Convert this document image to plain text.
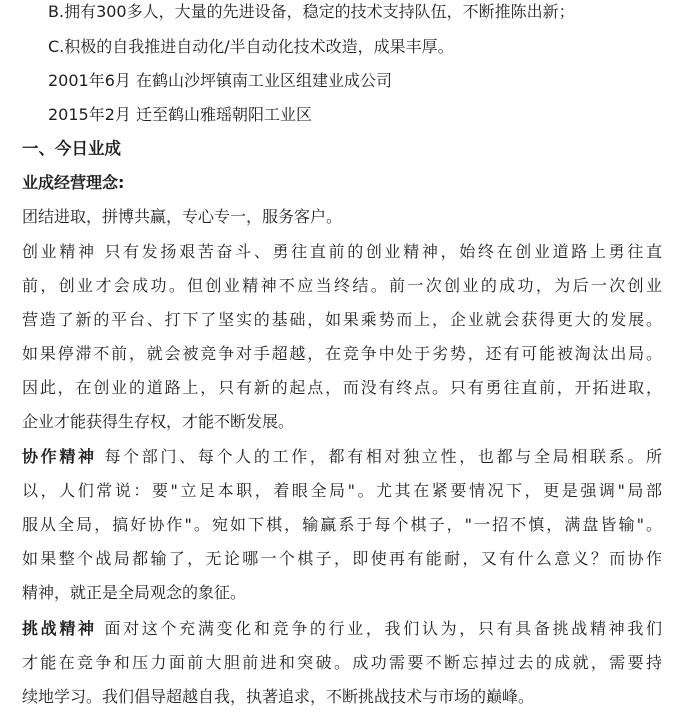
B.拥有300多人，大量的先进设备，稳定的技术支持队伍，不断推陈出新；
C.积极的自我推进自动化/半自动化技术改造，成果丰厚。
2001年6月 在鹤山沙坪镇南工业区组建业成公司
2015年2月 迁至鹤山雅瑶朝阳工业区
一、今日业成
业成经营理念:
团结进取，拼博共赢，专心专一，服务客户。
创业精神 只有发扬艰苦奋斗、勇往直前的创业精神，始终在创业道路上勇往直
前，创业才会成功。但创业精神不应当终结。前一次创业的成功，为后一次创业
营造了新的平台、打下了坚实的基础，如果乘势而上，企业就会获得更大的发展。
如果停滞不前，就会被竞争对手超越，在竞争中处于劣势，还有可能被淘汰出局。
因此，在创业的道路上，只有新的起点，而没有终点。只有勇往直前，开拓进取，
企业才能获得生存权，才能不断发展。
协作精神 每个部门、每个人的工作，都有相对独立性，也都与全局相联系。所
以，人们常说：要"立足本职，着眼全局"。尤其在紧要情况下，更是强调"局部
服从全局，搞好协作"。宛如下棋，输赢系于每个棋子，"一招不慎，满盘皆输"。
如果整个战局都输了，无论哪一个棋子，即使再有能耐，又有什么意义？而协作
精神，就正是全局观念的象征。
挑战精神 面对这个充满变化和竞争的行业，我们认为，只有具备挑战精神我们
才能在竞争和压力面前大胆前进和突破。成功需要不断忘掉过去的成就，需要持
续地学习。我们倡导超越自我，执著追求，不断挑战技术与市场的巅峰。
